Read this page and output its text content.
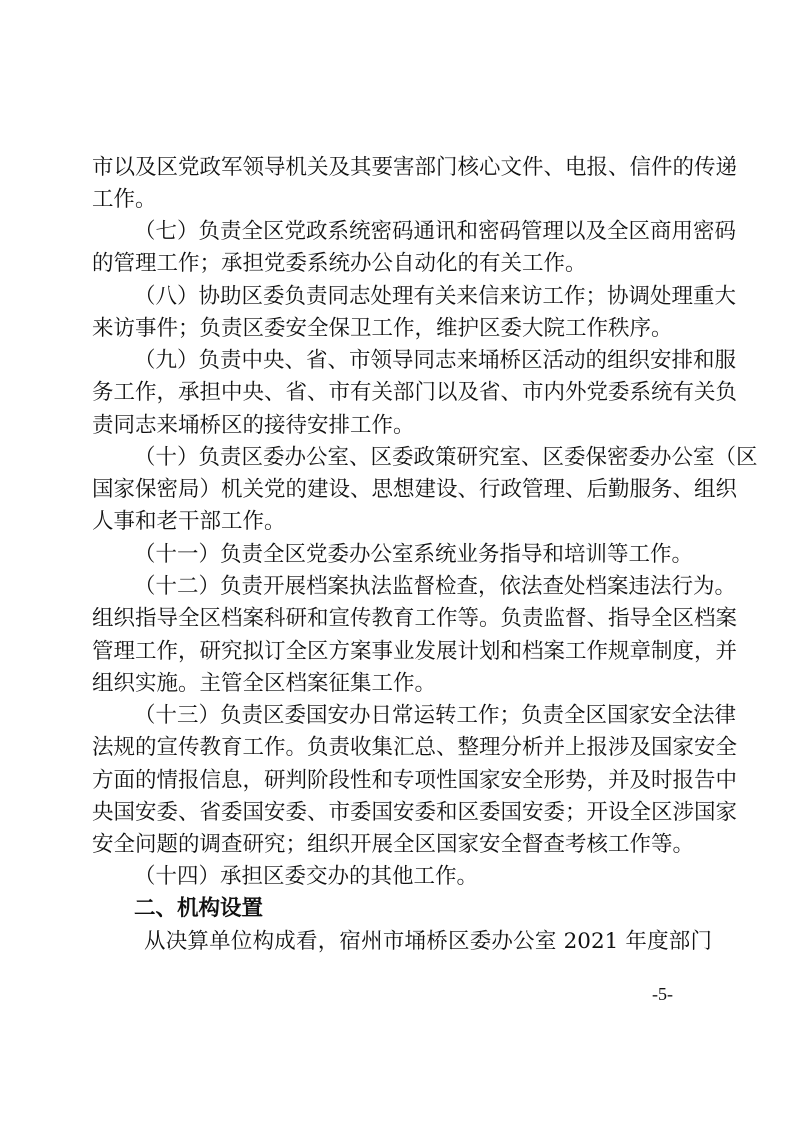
市以及区党政军领导机关及其要害部门核心文件、电报、信件的传递
工作。
（七）负责全区党政系统密码通讯和密码管理以及全区商用密码
的管理工作；承担党委系统办公自动化的有关工作。
（八）协助区委负责同志处理有关来信来访工作；协调处理重大
来访事件；负责区委安全保卫工作，维护区委大院工作秩序。
（九）负责中央、省、市领导同志来埇桥区活动的组织安排和服
务工作，承担中央、省、市有关部门以及省、市内外党委系统有关负
责同志来埇桥区的接待安排工作。
（十）负责区委办公室、区委政策研究室、区委保密委办公室（区
国家保密局）机关党的建设、思想建设、行政管理、后勤服务、组织
人事和老干部工作。
（十一）负责全区党委办公室系统业务指导和培训等工作。
（十二）负责开展档案执法监督检查，依法查处档案违法行为。
组织指导全区档案科研和宣传教育工作等。负责监督、指导全区档案
管理工作，研究拟订全区方案事业发展计划和档案工作规章制度，并
组织实施。主管全区档案征集工作。
（十三）负责区委国安办日常运转工作；负责全区国家安全法律
法规的宣传教育工作。负责收集汇总、整理分析并上报涉及国家安全
方面的情报信息，研判阶段性和专项性国家安全形势，并及时报告中
央国安委、省委国安委、市委国安委和区委国安委；开设全区涉国家
安全问题的调查研究；组织开展全区国家安全督查考核工作等。
（十四）承担区委交办的其他工作。
二、机构设置
从决算单位构成看，宿州市埇桥区委办公室 2021 年度部门
-5-
